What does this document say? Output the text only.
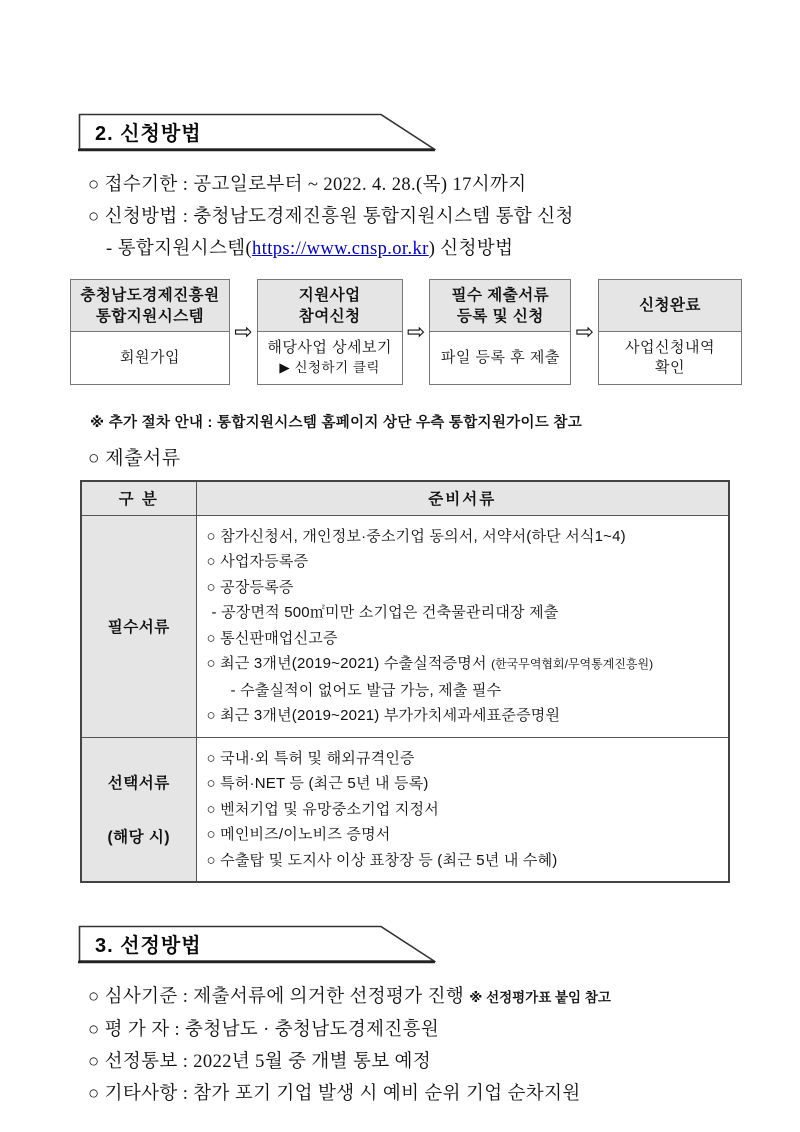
2. 신청방법
○ 접수기한 : 공고일로부터 ~ 2022. 4. 28.(목) 17시까지
○ 신청방법 : 충청남도경제진흥원 통합지원시스템 통합 신청
- 통합지원시스템(https://www.cnsp.or.kr) 신청방법
충청남도경제진흥원
통합지원시스템
회원가입
⇨
지원사업
참여신청
해당사업 상세보기
▶ 신청하기 클릭
⇨
필수 제출서류
등록 및 신청
파일 등록 후 제출
⇨
신청완료
사업신청내역
확인
※ 추가 절차 안내 : 통합지원시스템 홈페이지 상단 우측 통합지원가이드 참고
○ 제출서류
구 분	준비서류
필수서류	
○ 참가신청서, 개인정보·중소기업 동의서, 서약서(하단 서식1~4)
○ 사업자등록증
○ 공장등록증
- 공장면적 500㎡미만 소기업은 건축물관리대장 제출
○ 통신판매업신고증
○ 최근 3개년(2019~2021) 수출실적증명서 (한국무역협회/무역통계진흥원)
- 수출실적이 없어도 발급 가능, 제출 필수
○ 최근 3개년(2019~2021) 부가가치세과세표준증명원

선택서류
(해당 시)

○ 국내·외 특허 및 해외규격인증
○ 특허·NET 등 (최근 5년 내 등록)
○ 벤처기업 및 유망중소기업 지정서
○ 메인비즈/이노비즈 증명서
○ 수출탑 및 도지사 이상 표창장 등 (최근 5년 내 수혜)
3. 선정방법
○ 심사기준 : 제출서류에 의거한 선정평가 진행 ※ 선정평가표 붙임 참고
○ 평 가 자 : 충청남도 · 충청남도경제진흥원
○ 선정통보 : 2022년 5월 중 개별 통보 예정
○ 기타사항 : 참가 포기 기업 발생 시 예비 순위 기업 순차지원
